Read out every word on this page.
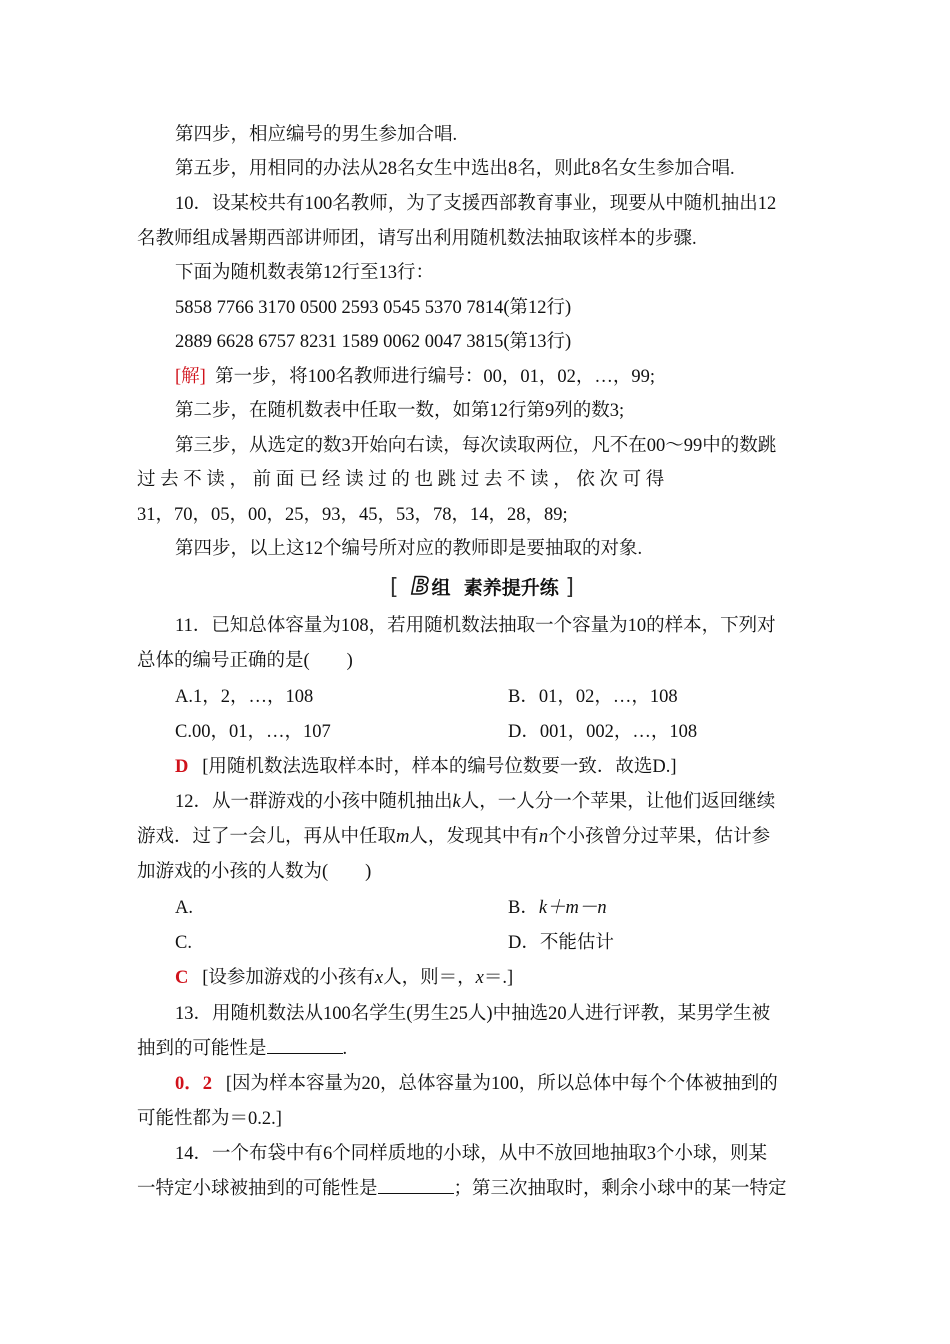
第四步，相应编号的男生参加合唱.
第五步，用相同的办法从28名女生中选出8名，则此8名女生参加合唱.
10．设某校共有100名教师，为了支援西部教育事业，现要从中随机抽出12
名教师组成暑期西部讲师团，请写出利用随机数法抽取该样本的步骤.
下面为随机数表第12行至13行：
5858 7766 3170 0500 2593 0545 5370 7814(第12行)
2889 6628 6757 8231 1589 0062 0047 3815(第13行)
[解] 第一步，将100名教师进行编号：00，01，02，…，99;
第二步，在随机数表中任取一数，如第12行第9列的数3;
第三步，从选定的数3开始向右读，每次读取两位，凡不在00～99中的数跳
过 去 不 读 ， 前 面 已 经 读 过 的 也 跳 过 去 不 读 ， 依 次 可 得
31，70，05，00，25，93，45，53，78，14，28，89;
第四步，以上这12个编号所对应的教师即是要抽取的对象.
[ B 组 素养提升练 ]
11．已知总体容量为108，若用随机数法抽取一个容量为10的样本，下列对
总体的编号正确的是(　　)
A.1，2，…，108	B．01，02，…，108
C.00，01，…，107	D．001，002，…，108
D [用随机数法选取样本时，样本的编号位数要一致．故选D.]
12．从一群游戏的小孩中随机抽出k人，一人分一个苹果，让他们返回继续
游戏．过了一会儿，再从中任取m人，发现其中有n个小孩曾分过苹果，估计参
加游戏的小孩的人数为(　　)
A.	B．k＋m－n
C.	D．不能估计
C [设参加游戏的小孩有x人，则＝，x＝.]
13．用随机数法从100名学生(男生25人)中抽选20人进行评教，某男学生被
抽到的可能性是	.
0．2 [因为样本容量为20，总体容量为100，所以总体中每个个体被抽到的
可能性都为＝0.2.]
14．一个布袋中有6个同样质地的小球，从中不放回地抽取3个小球，则某
一特定小球被抽到的可能性是	；第三次抽取时，剩余小球中的某一特定
